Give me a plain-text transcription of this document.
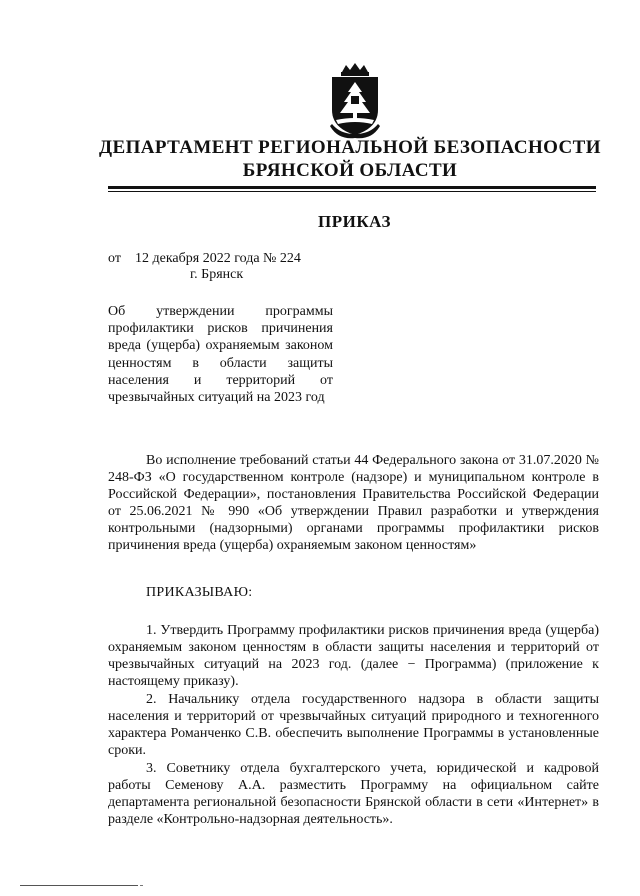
ДЕПАРТАМЕНТ РЕГИОНАЛЬНОЙ БЕЗОПАСНОСТИ
БРЯНСКОЙ ОБЛАСТИ
ПРИКАЗ
от 12 декабря 2022 года № 224
г. Брянск
Об утверждении программы профилактики рисков причинения вреда (ущерба) охраняемым законом ценностям в области защиты населения и территорий от чрезвычайных ситуаций на 2023 год
Во исполнение требований статьи 44 Федерального закона от 31.07.2020 № 248-ФЗ «О государственном контроле (надзоре) и муниципальном контроле в Российской Федерации», постановления Правительства Российской Федерации от 25.06.2021 № 990 «Об утверждении Правил разработки и утверждения контрольными (надзорными) органами программы профилактики рисков причинения вреда (ущерба) охраняемым законом ценностям»
ПРИКАЗЫВАЮ:
1. Утвердить Программу профилактики рисков причинения вреда (ущерба) охраняемым законом ценностям в области защиты населения и территорий от чрезвычайных ситуаций на 2023 год. (далее − Программа) (приложение к настоящему приказу).
2. Начальнику отдела государственного надзора в области защиты населения и территорий от чрезвычайных ситуаций природного и техногенного характера Романченко С.В. обеспечить выполнение Программы в установленные сроки.
3. Советнику отдела бухгалтерского учета, юридической и кадровой работы Семенову А.А. разместить Программу на официальном сайте департамента региональной безопасности Брянской области в сети «Интернет» в разделе «Контрольно-надзорная деятельность».
